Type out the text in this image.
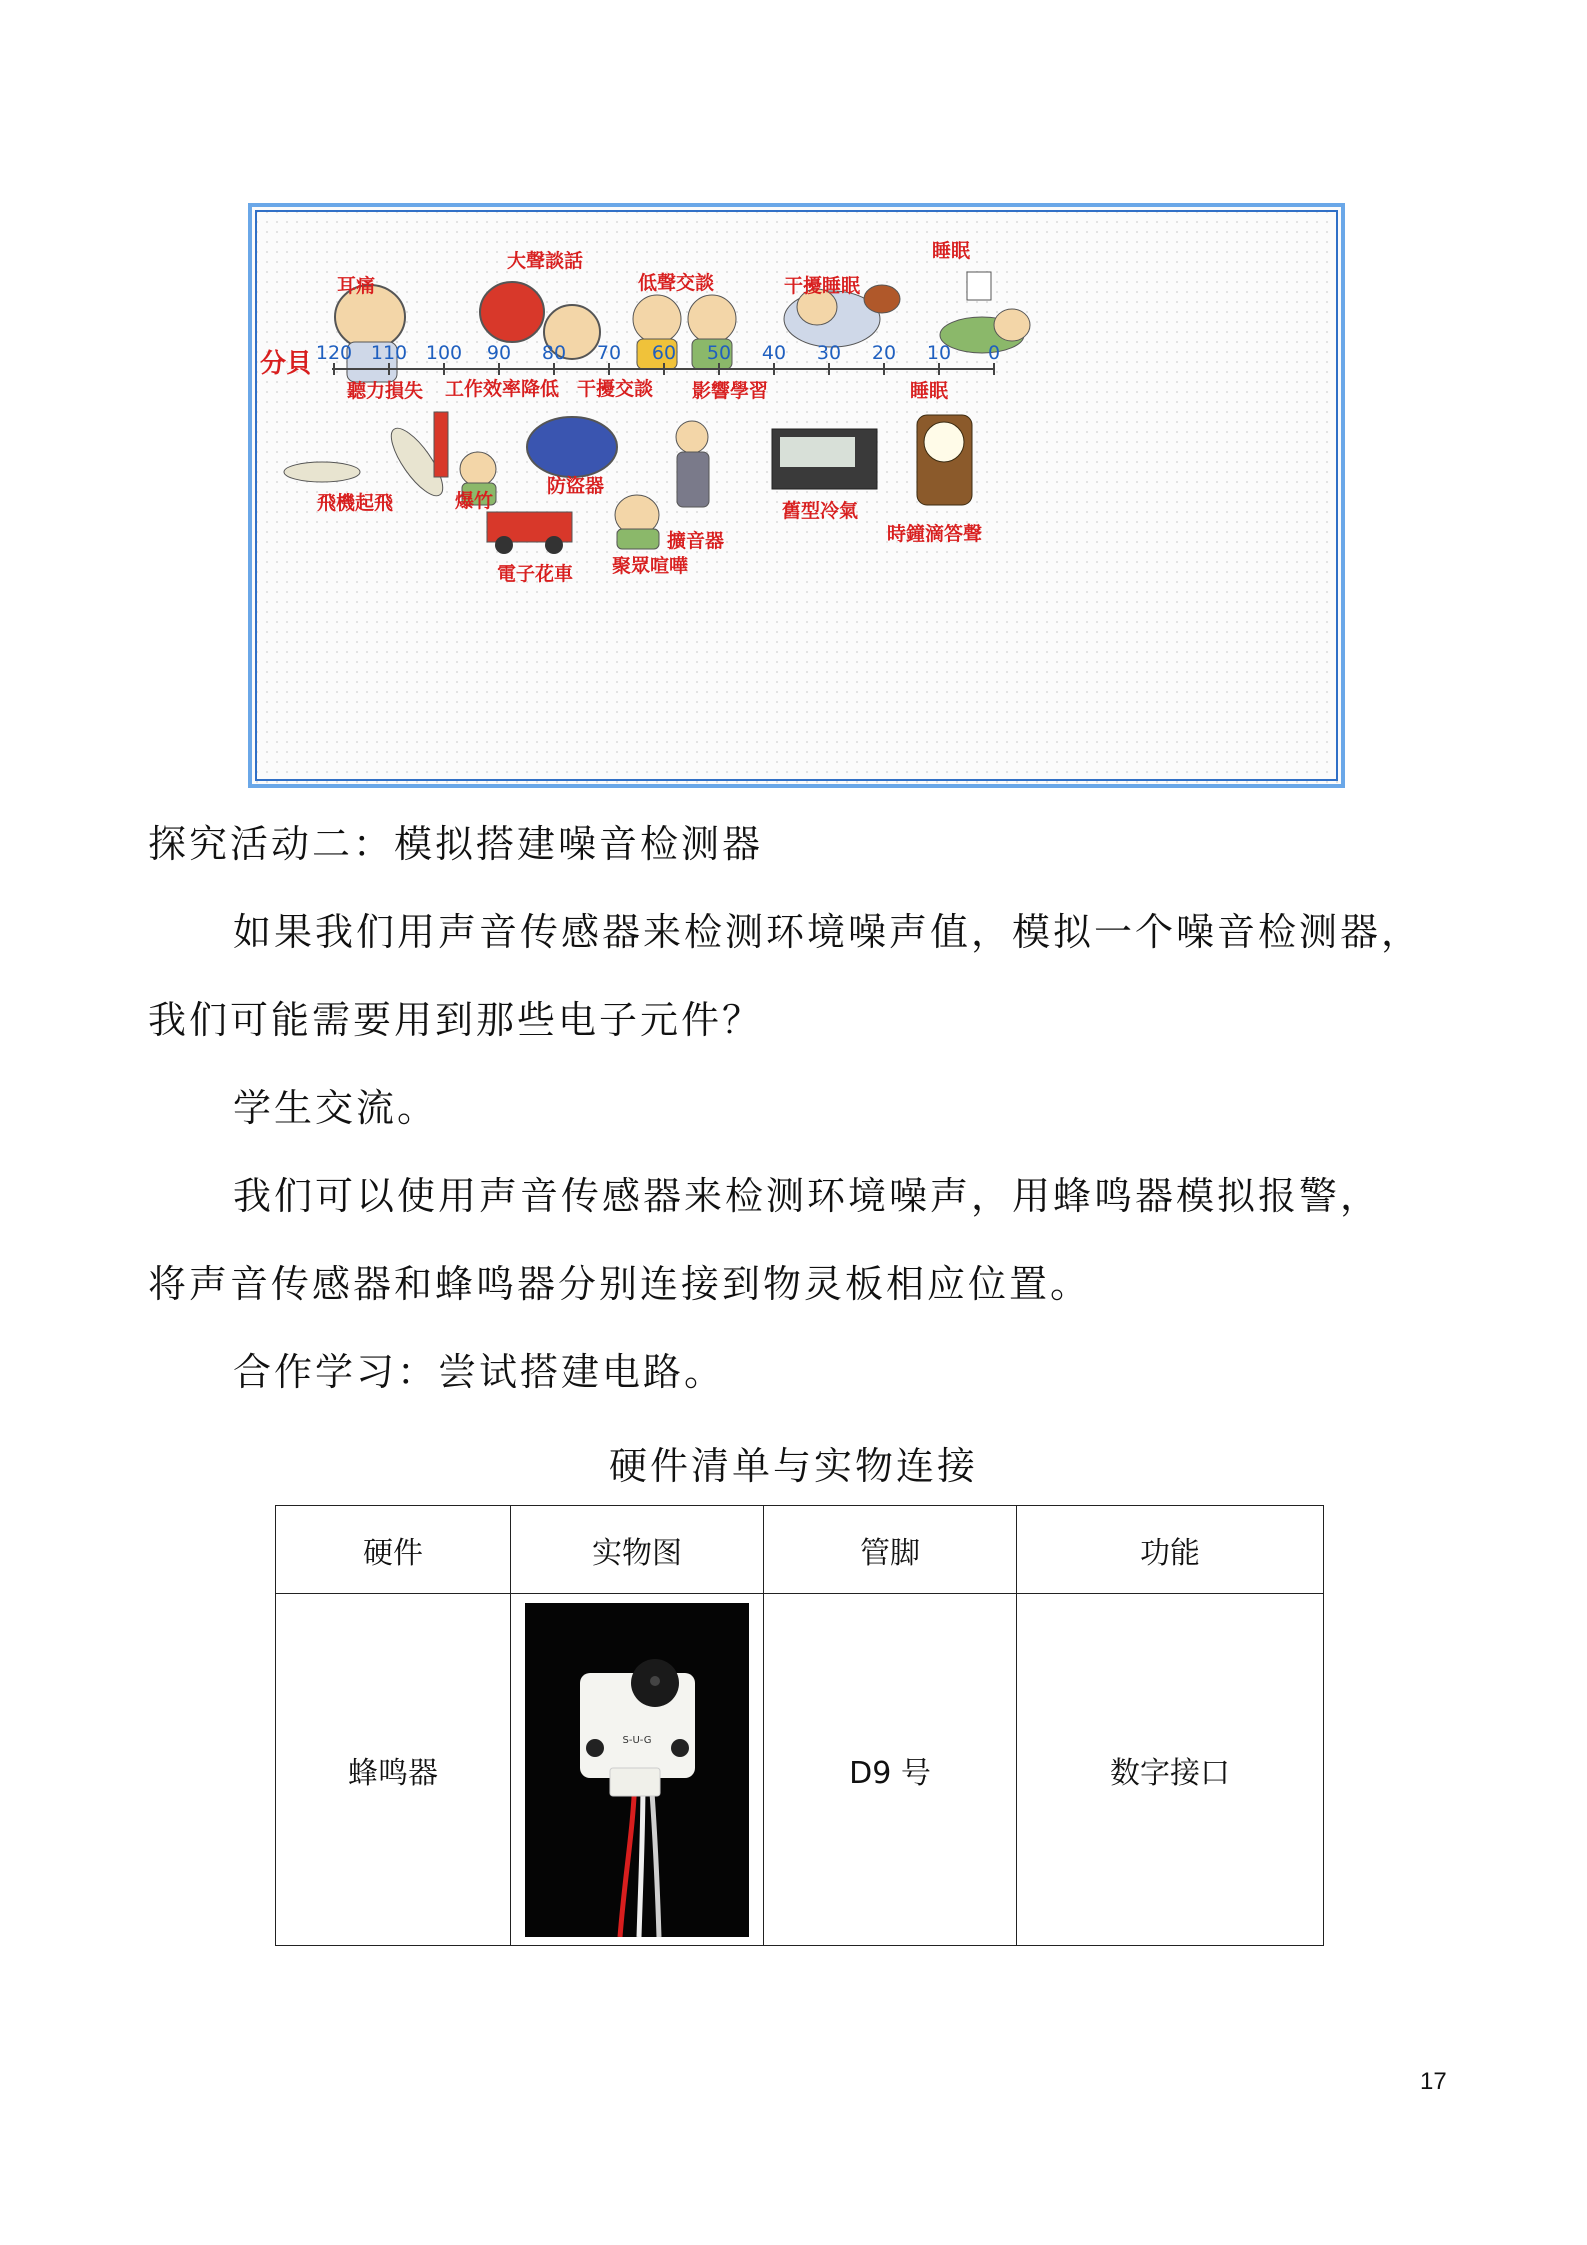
分貝 120 110 100 90 80 70 60 50 40 30 20 10 0
耳痛
大聲談話
低聲交談	干擾睡眠
睡眠
聽力損失 工作效率降低 干擾交談 影響學習	睡眠
飛機起飛	爆竹
電子花車
防盜器
聚眾喧嘩
擴音器
舊型冷氣
時鐘滴答聲

探究活动二：模拟搭建噪音检测器

如果我们用声音传感器来检测环境噪声值，模拟一个噪音检测器，

我们可能需要用到那些电子元件？

学生交流。

我们可以使用声音传感器来检测环境噪声，用蜂鸣器模拟报警，

将声音传感器和蜂鸣器分别连接到物灵板相应位置。

合作学习：尝试搭建电路。

硬件清单与实物连接
硬件	实物图	管脚	功能
蜂鸣器	S-U-G	D9 号	数字接口
17
